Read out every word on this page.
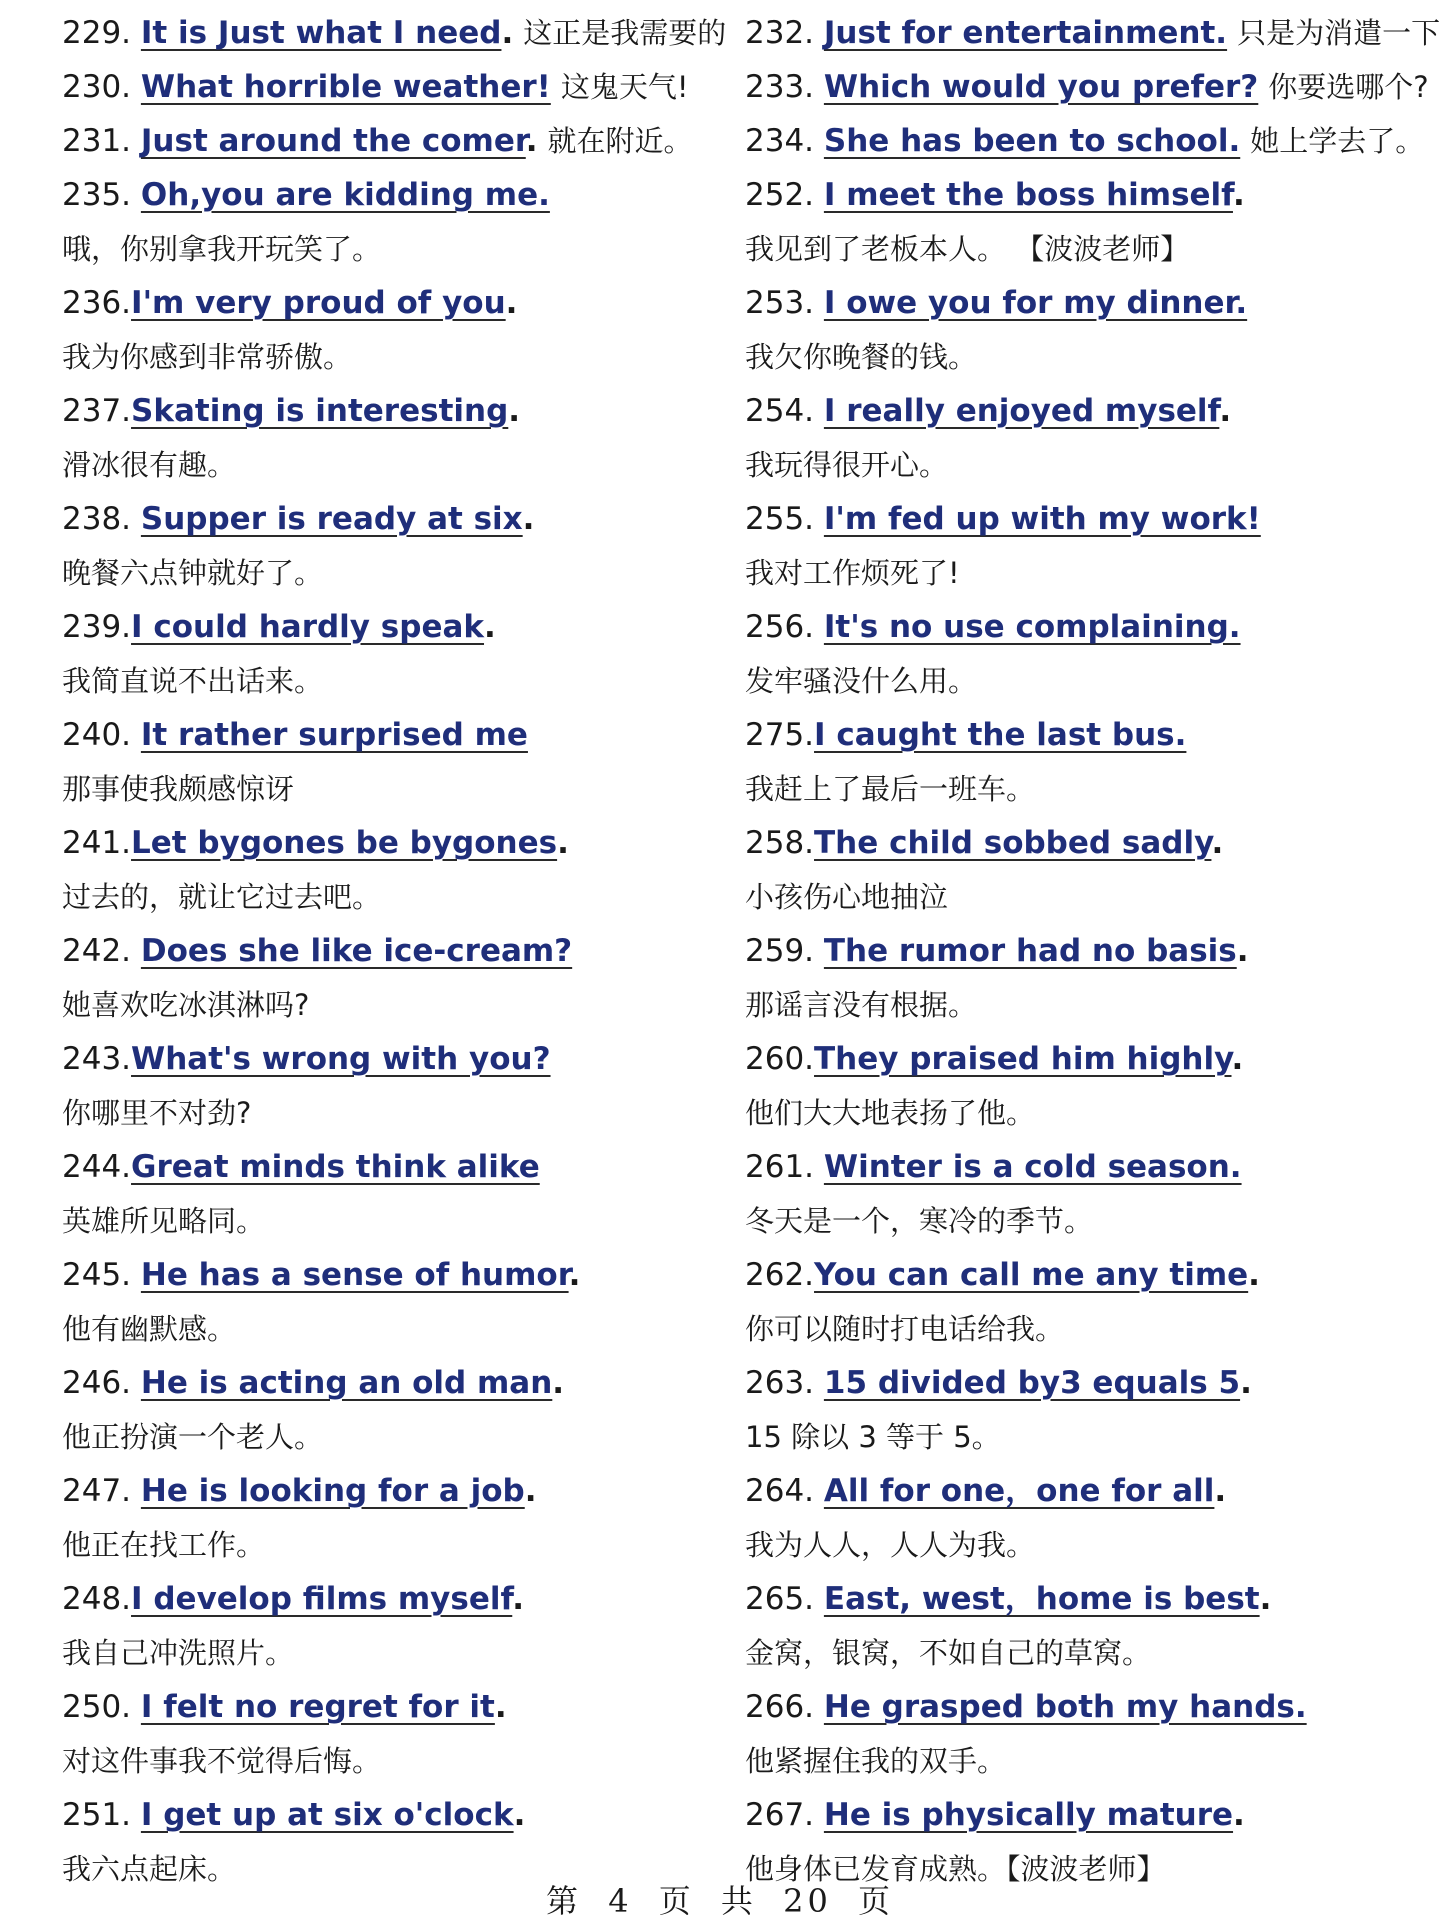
229. It is Just what I need. 这正是我需要的
230. What horrible weather! 这鬼天气!
231. Just around the comer. 就在附近。
235. Oh,you are kidding me.
哦，你别拿我开玩笑了。
236.I'm very proud of you.
我为你感到非常骄傲。
237.Skating is interesting.
滑冰很有趣。
238. Supper is ready at six.
晚餐六点钟就好了。
239.I could hardly speak.
我简直说不出话来。
240. It rather surprised me
那事使我颇感惊讶
241.Let bygones be bygones.
过去的，就让它过去吧。
242. Does she like ice-cream?
她喜欢吃冰淇淋吗?
243.What's wrong with you?
你哪里不对劲?
244.Great minds think alike
英雄所见略同。
245. He has a sense of humor.
他有幽默感。
246. He is acting an old man.
他正扮演一个老人。
247. He is looking for a job.
他正在找工作。
248.I develop films myself.
我自己冲洗照片。
250. I felt no regret for it.
对这件事我不觉得后悔。
251. I get up at six o'clock.
我六点起床。
232. Just for entertainment. 只是为消遣一下
233. Which would you prefer? 你要选哪个?
234. She has been to school. 她上学去了。
252. I meet the boss himself.
我见到了老板本人。 【波波老师】
253. I owe you for my dinner.
我欠你晚餐的钱。
254. I really enjoyed myself.
我玩得很开心。
255. I'm fed up with my work!
我对工作烦死了!
256. It's no use complaining.
发牢骚没什么用。
275.I caught the last bus.
我赶上了最后一班车。
258.The child sobbed sadly.
小孩伤心地抽泣
259. The rumor had no basis.
那谣言没有根据。
260.They praised him highly.
他们大大地表扬了他。
261. Winter is a cold season.
冬天是一个，寒冷的季节。
262.You can call me any time.
你可以随时打电话给我。
263. 15 divided by3 equals 5.
15 除以 3 等于 5。
264. All for one，one for all.
我为人人，人人为我。
265. East, west，home is best.
金窝，银窝，不如自己的草窝。
266. He grasped both my hands.
他紧握住我的双手。
267. He is physically mature.
他身体已发育成熟。【波波老师】
第 4 页 共 20 页
